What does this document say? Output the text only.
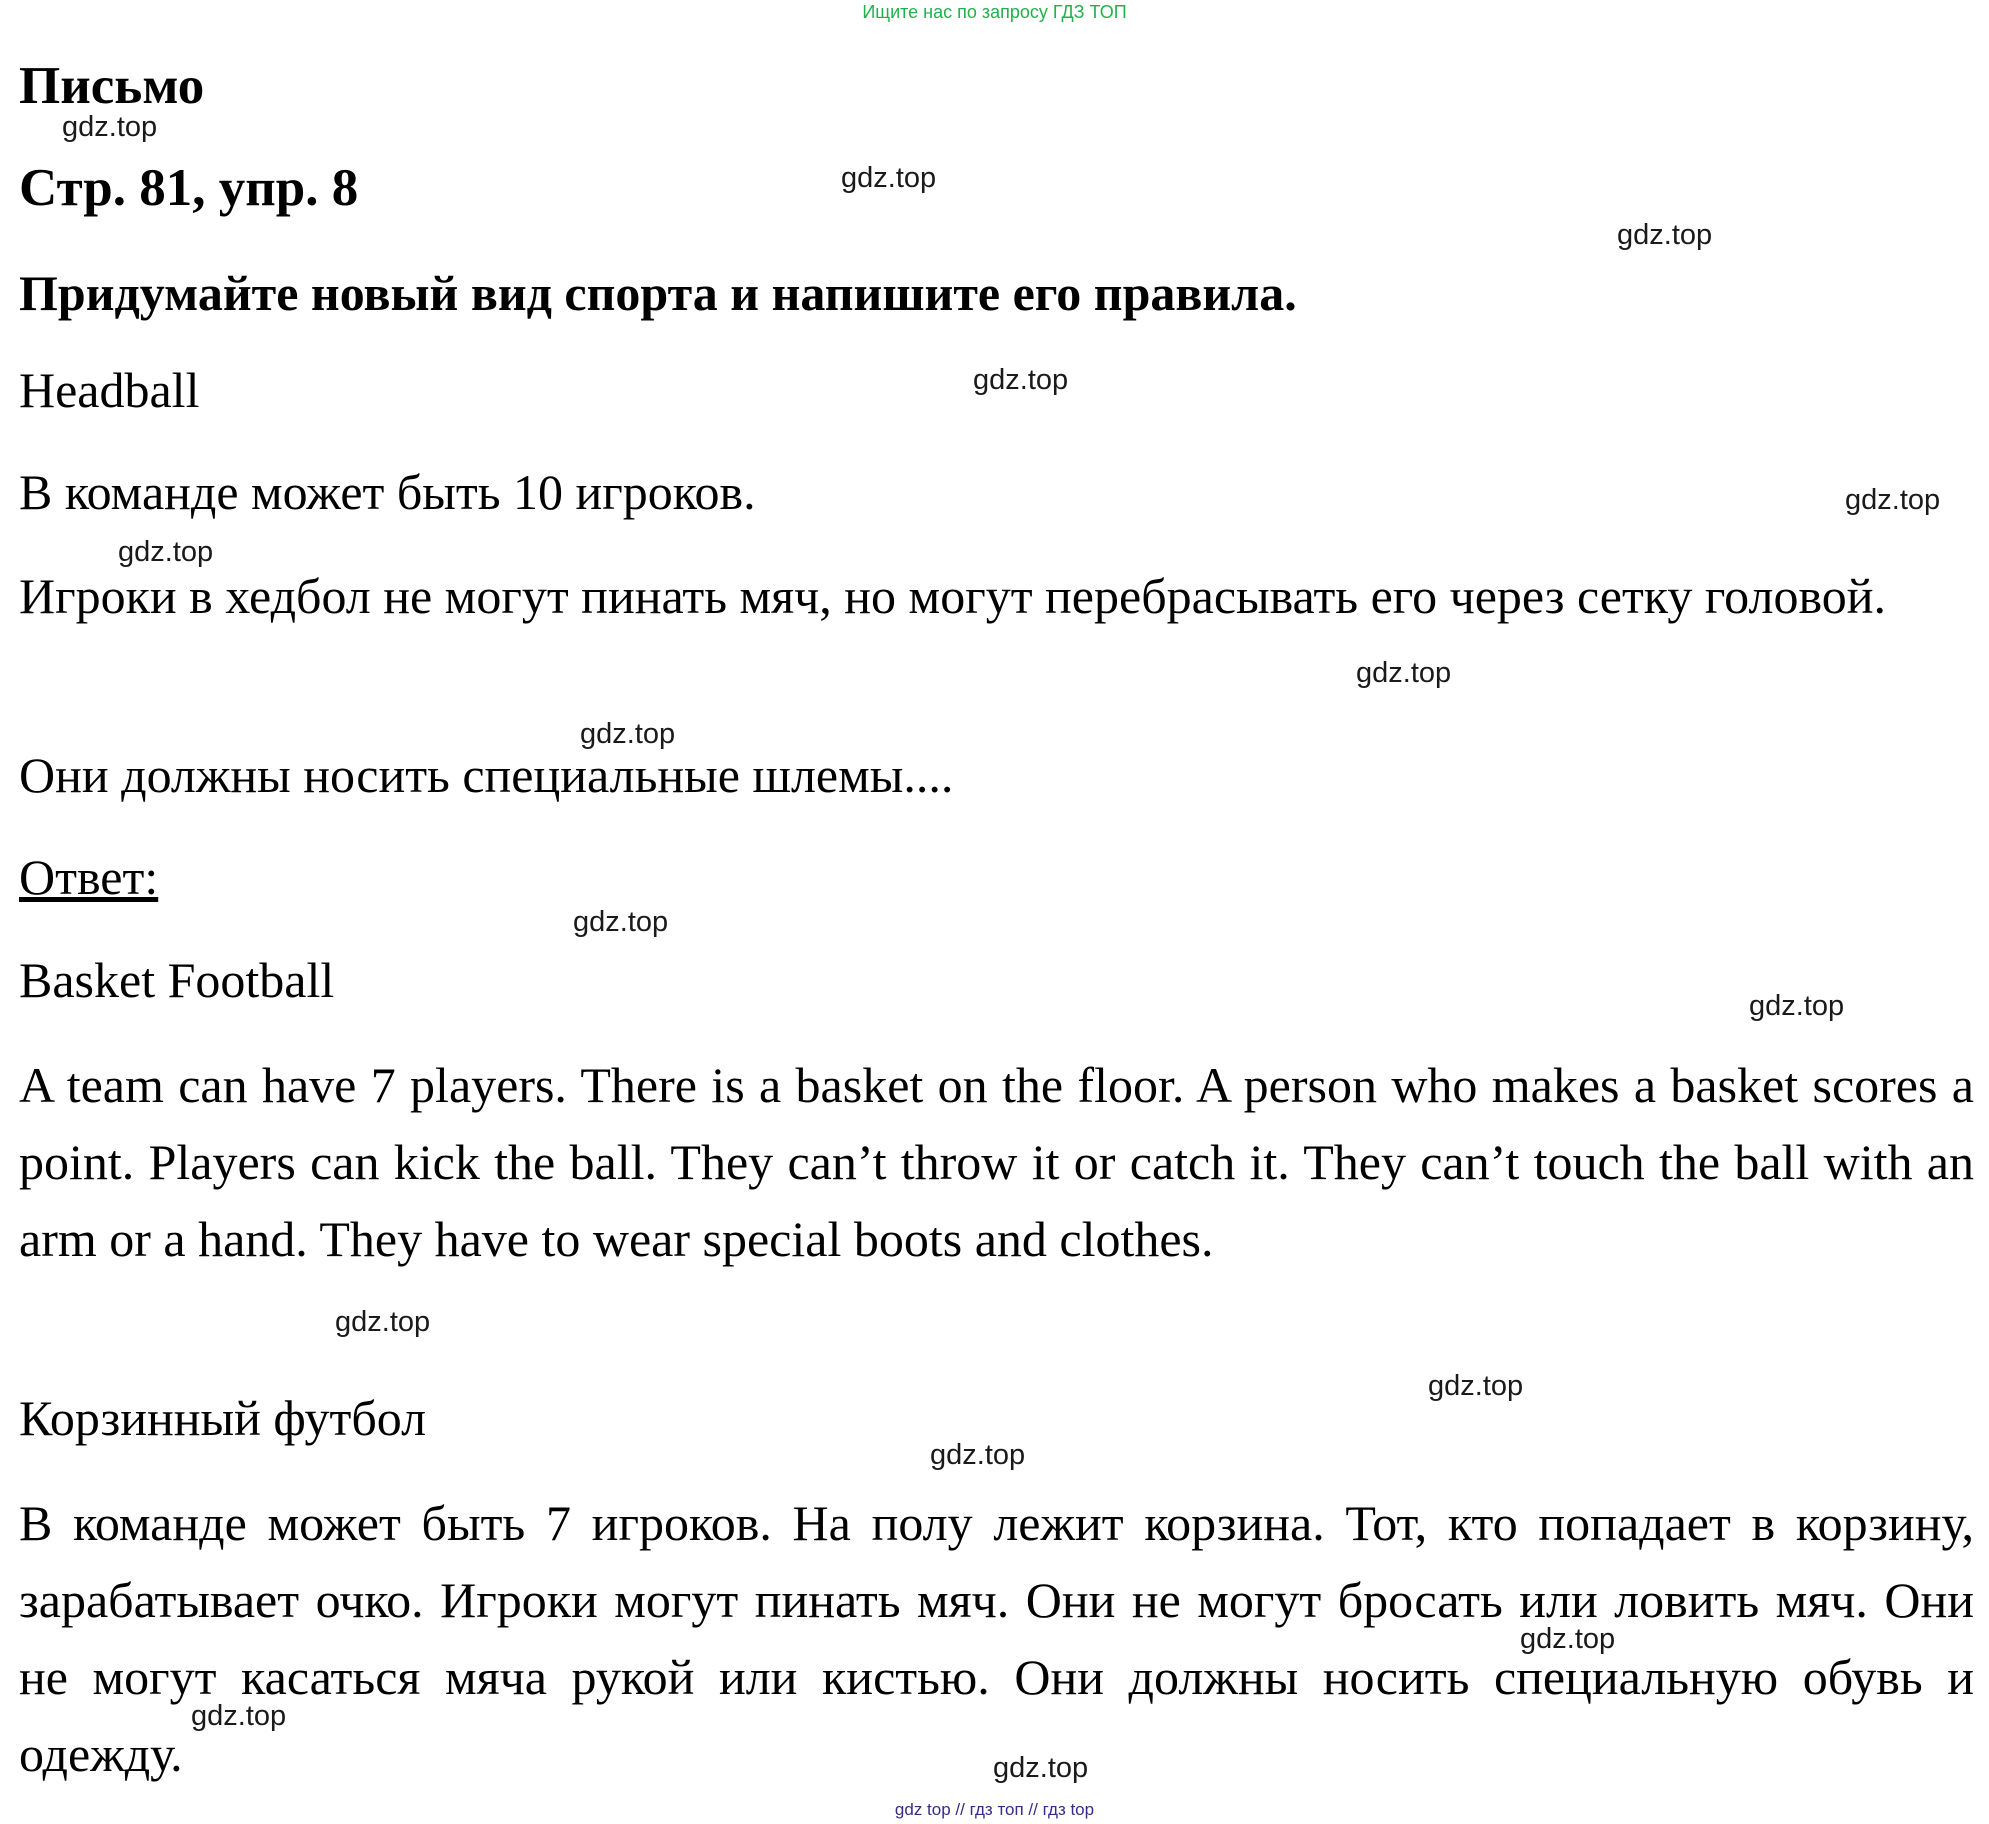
Ищите нас по запросу ГДЗ ТОП
Письмо
Стр. 81, упр. 8
Придумайте новый вид спорта и напишите его правила.
Headball
В команде может быть 10 игроков.
Игроки в хедбол не могут пинать мяч, но могут перебрасывать его через сетку головой.
Они должны носить специальные шлемы....
Ответ:
Basket Football
A team can have 7 players. There is a basket on the floor. A person who makes a basket scores a point. Players can kick the ball. They can’t throw it or catch it. They can’t touch the ball with an arm or a hand. They have to wear special boots and clothes.
Корзинный футбол
В команде может быть 7 игроков. На полу лежит корзина. Тот, кто попадает в корзину, зарабатывает очко. Игроки могут пинать мяч. Они не могут бросать или ловить мяч. Они не могут касаться мяча рукой или кистью. Они должны носить специальную обувь и одежду.
gdz.top
gdz.top
gdz.top
gdz.top
gdz.top
gdz.top
gdz.top
gdz.top
gdz.top
gdz.top
gdz.top
gdz.top
gdz.top
gdz.top
gdz.top
gdz.top
gdz top // гдз топ // гдз top
